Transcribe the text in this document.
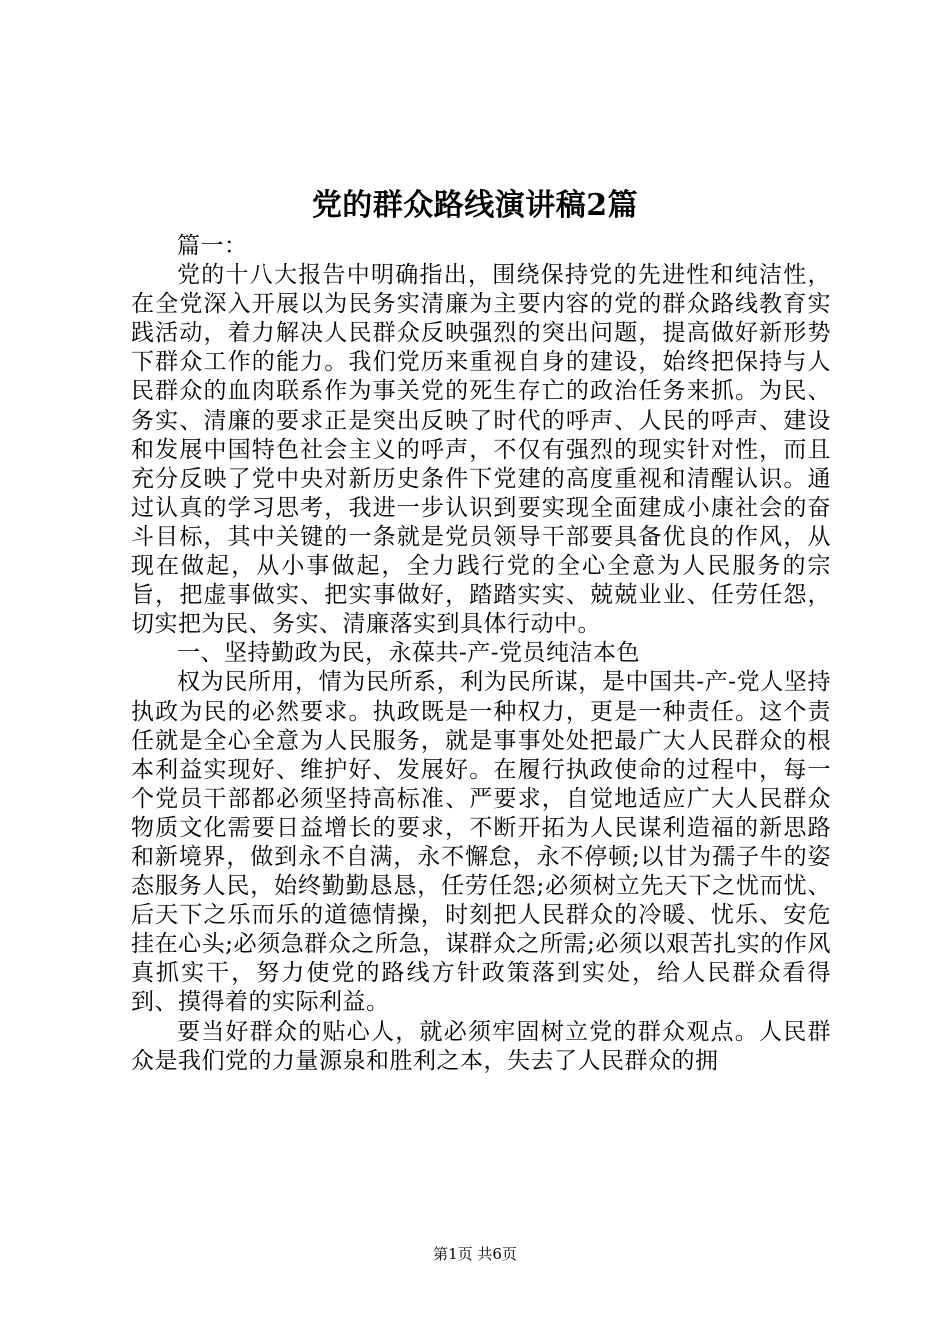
党的群众路线演讲稿2篇

篇一：

党的十八大报告中明确指出，围绕保持党的先进性和纯洁性，在全党深入开展以为民务实清廉为主要内容的党的群众路线教育实践活动，着力解决人民群众反映强烈的突出问题，提高做好新形势下群众工作的能力。我们党历来重视自身的建设，始终把保持与人民群众的血肉联系作为事关党的死生存亡的政治任务来抓。为民、务实、清廉的要求正是突出反映了时代的呼声、人民的呼声、建设和发展中国特色社会主义的呼声，不仅有强烈的现实针对性，而且充分反映了党中央对新历史条件下党建的高度重视和清醒认识。通过认真的学习思考，我进一步认识到要实现全面建成小康社会的奋斗目标，其中关键的一条就是党员领导干部要具备优良的作风，从现在做起，从小事做起，全力践行党的全心全意为人民服务的宗旨，把虚事做实、把实事做好，踏踏实实、兢兢业业、任劳任怨，切实把为民、务实、清廉落实到具体行动中。

一、坚持勤政为民，永葆共-产-党员纯洁本色

权为民所用，情为民所系，利为民所谋，是中国共-产-党人坚持执政为民的必然要求。执政既是一种权力，更是一种责任。这个责任就是全心全意为人民服务，就是事事处处把最广大人民群众的根本利益实现好、维护好、发展好。在履行执政使命的过程中，每一个党员干部都必须坚持高标准、严要求，自觉地适应广大人民群众物质文化需要日益增长的要求，不断开拓为人民谋利造福的新思路和新境界，做到永不自满，永不懈怠，永不停顿;以甘为孺子牛的姿态服务人民，始终勤勤恳恳，任劳任怨;必须树立先天下之忧而忧、后天下之乐而乐的道德情操，时刻把人民群众的冷暖、忧乐、安危挂在心头;必须急群众之所急，谋群众之所需;必须以艰苦扎实的作风真抓实干，努力使党的路线方针政策落到实处，给人民群众看得到、摸得着的实际利益。

要当好群众的贴心人，就必须牢固树立党的群众观点。人民群众是我们党的力量源泉和胜利之本，失去了人民群众的拥

第1页 共6页
